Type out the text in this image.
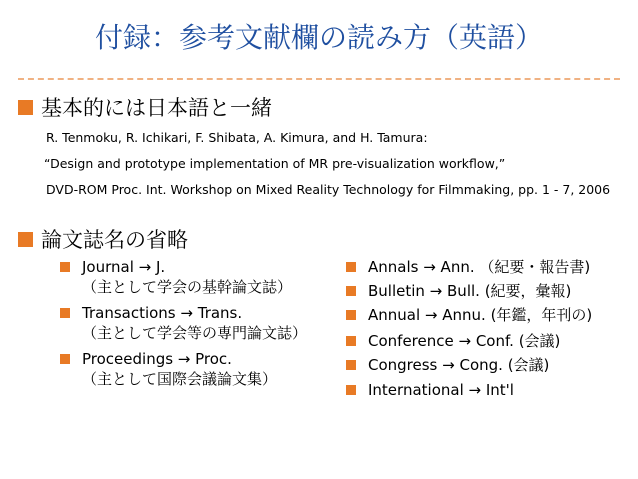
付録：参考文献欄の読み方（英語）
基本的には日本語と一緒
R. Tenmoku, R. Ichikari, F. Shibata, A. Kimura, and H. Tamura:
“Design and prototype implementation of MR pre-visualization workflow,”
DVD-ROM Proc. Int. Workshop on Mixed Reality Technology for Filmmaking, pp. 1 - 7, 2006
論文誌名の省略
Journal → J.
（主として学会の基幹論文誌）
Transactions → Trans.
（主として学会等の専門論文誌）
Proceedings → Proc.
（主として国際会議論文集）
Annals → Ann. （紀要・報告書)
Bulletin → Bull. (紀要，彙報)
Annual → Annu. (年鑑，年刊の)
Conference → Conf. (会議)
Congress → Cong. (会議)
International → Int'l
